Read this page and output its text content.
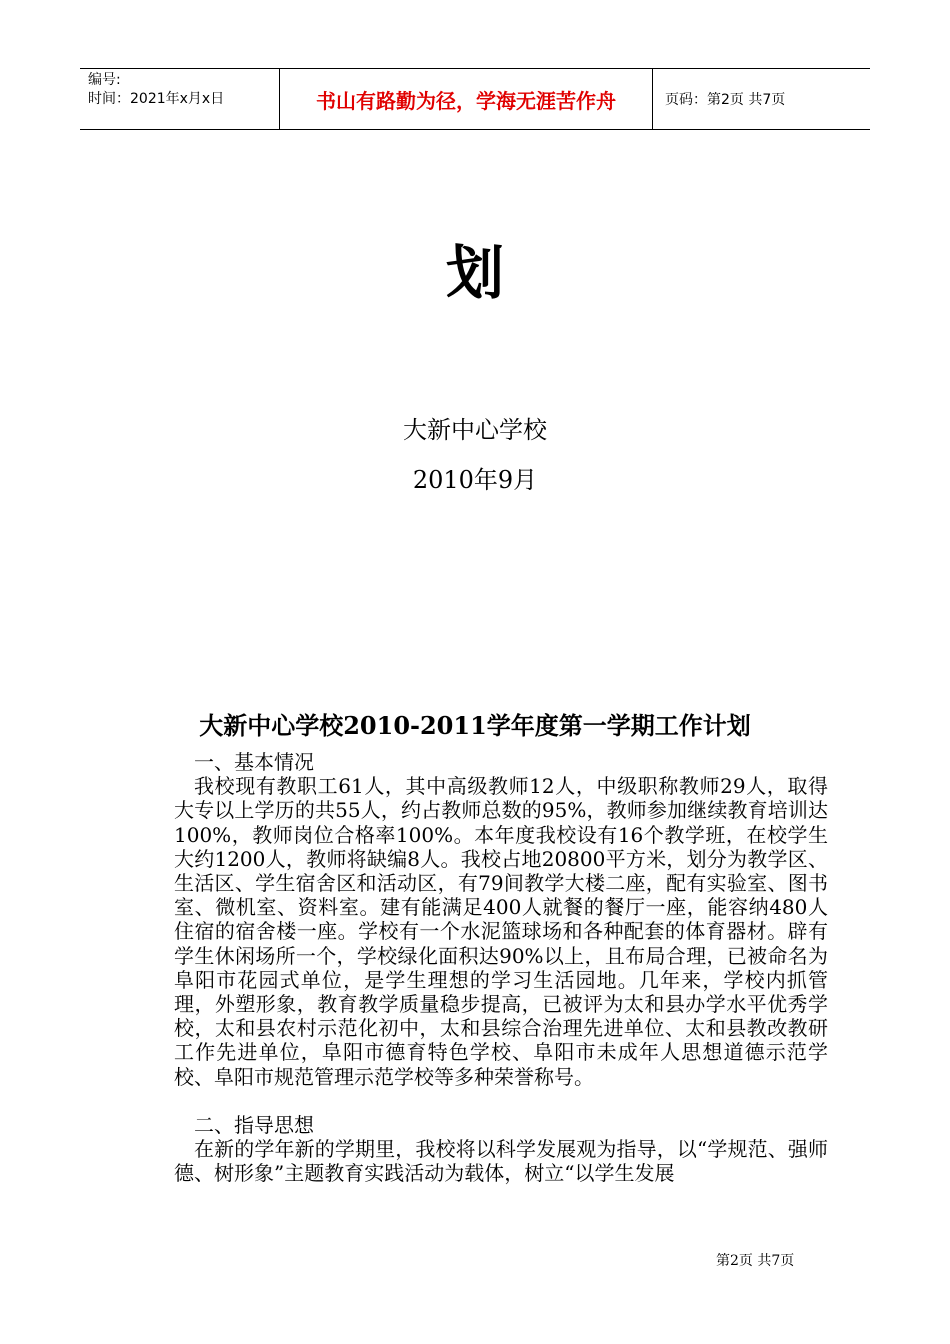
编号:
时间：2021年x月x日	书山有路勤为径，学海无涯苦作舟	页码：第2页 共7页
划
大新中心学校
2010年9月
大新中心学校2010-2011学年度第一学期工作计划

一、基本情况

我校现有教职工61人，其中高级教师12人，中级职称教师29人，取得大专以上学历的共55人，约占教师总数的95%，教师参加继续教育培训达100%，教师岗位合格率100%。本年度我校设有16个教学班，在校学生大约1200人，教师将缺编8人。我校占地20800平方米，划分为教学区、生活区、学生宿舍区和活动区，有79间教学大楼二座，配有实验室、图书室、微机室、资料室。建有能满足400人就餐的餐厅一座，能容纳480人住宿的宿舍楼一座。学校有一个水泥篮球场和各种配套的体育器材。辟有学生休闲场所一个，学校绿化面积达90%以上，且布局合理，已被命名为阜阳市花园式单位，是学生理想的学习生活园地。几年来，学校内抓管理，外塑形象，教育教学质量稳步提高，已被评为太和县办学水平优秀学校，太和县农村示范化初中，太和县综合治理先进单位、太和县教改教研工作先进单位，阜阳市德育特色学校、阜阳市未成年人思想道德示范学校、阜阳市规范管理示范学校等多种荣誉称号。

二、指导思想

在新的学年新的学期里，我校将以科学发展观为指导，以“学规范、强师德、树形象”主题教育实践活动为载体，树立“以学生发展

第2页 共7页
